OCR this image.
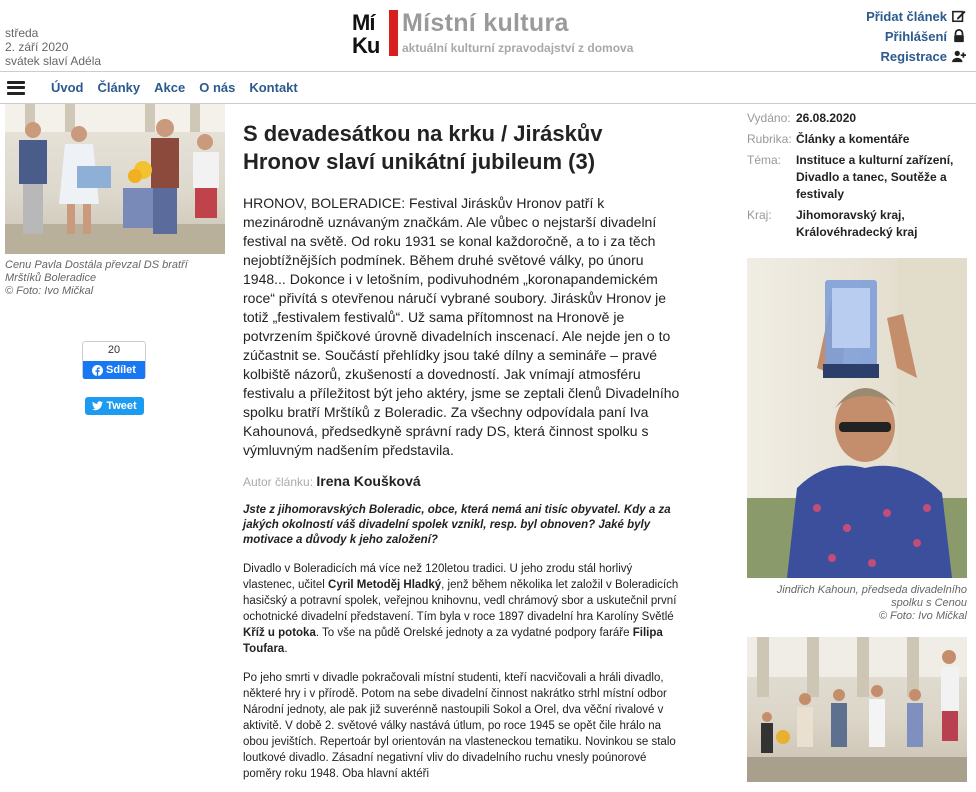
středa
2. září 2020
svátek slaví Adéla
Mí
Ku
Místní kultura
aktuální kulturní zpravodajství z domova
Přidat článek
Přihlášení
Registrace
Úvod Články Akce O nás Kontakt
Cenu Pavla Dostála převzal DS bratří
Mrštíků Boleradice
© Foto: Ivo Mičkal
20
Sdílet
Tweet
S devadesátkou na krku / Jiráskův Hronov slaví unikátní jubileum (3)

HRONOV, BOLERADICE: Festival Jiráskův Hronov patří k mezinárodně uznávaným značkám. Ale vůbec o nejstarší divadelní festival na světě. Od roku 1931 se konal každoročně, a to i za těch nejobtížnějších podmínek. Během druhé světové války, po únoru 1948... Dokonce i v letošním, podivuhodném „koronapandemickém roce“ přivítá s otevřenou náručí vybrané soubory. Jiráskův Hronov je totiž „festivalem festivalů“. Už sama přítomnost na Hronově je potvrzením špičkové úrovně divadelních inscenací. Ale nejde jen o to zúčastnit se. Součástí přehlídky jsou také dílny a semináře – pravé kolbiště názorů, zkušeností a dovedností. Jak vnímají atmosféru festivalu a příležitost být jeho aktéry, jsme se zeptali členů Divadelního spolku bratří Mrštíků z Boleradic. Za všechny odpovídala paní Iva Kahounová, předsedkyně správní rady DS, která činnost spolku s výmluvným nadšením představila.

Autor článku: Irena Koušková

Jste z jihomoravských Boleradic, obce, která nemá ani tisíc obyvatel. Kdy a za jakých okolností váš divadelní spolek vznikl, resp. byl obnoven? Jaké byly motivace a důvody k jeho založení?

Divadlo v Boleradicích má více než 120letou tradici. U jeho zrodu stál horlivý vlastenec, učitel Cyril Metoděj Hladký, jenž během několika let založil v Boleradicích hasičský a potravní spolek, veřejnou knihovnu, vedl chrámový sbor a uskutečnil první ochotnické divadelní představení. Tím byla v roce 1897 divadelní hra Karolíny Světlé Kříž u potoka. To vše na půdě Orelské jednoty a za vydatné podpory faráře Filipa Toufara.

Po jeho smrti v divadle pokračovali místní studenti, kteří nacvičovali a hráli divadlo, některé hry i v přírodě. Potom na sebe divadelní činnost nakrátko strhl místní odbor Národní jednoty, ale pak již suverénně nastoupili Sokol a Orel, dva věční rivalové v aktivitě. V době 2. světové války nastává útlum, po roce 1945 se opět čile hrálo na obou jevištích. Repertoár byl orientován na vlasteneckou tematiku. Novinkou se stalo loutkové divadlo. Zásadní negativní vliv do divadelního ruchu vnesly poúnorové poměry roku 1948. Oba hlavní aktéři

Vydáno: 26.08.2020
Rubrika: Články a komentáře
Téma:	Instituce a kulturní zařízení, Divadlo a tanec, Soutěže a festivaly
Kraj:	Jihomoravský kraj, Královéhradecký kraj
Jindřich Kahoun, předseda divadelního
spolku s Cenou
© Foto: Ivo Mičkal
